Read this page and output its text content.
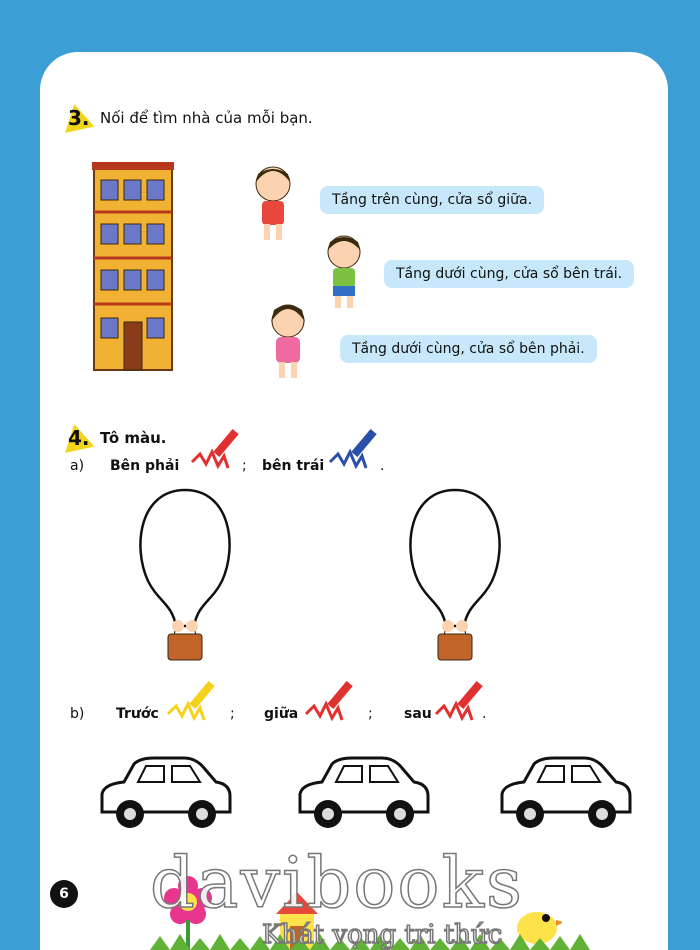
3. Nối để tìm nhà của mỗi bạn.
Tầng trên cùng, cửa sổ giữa.
Tầng dưới cùng, cửa sổ bên trái.
Tầng dưới cùng, cửa sổ bên phải.
4. Tô màu.
a) Bên phải	; bên trái	.
b) Trước	; giữa	; sau	.
davibooks
Khát vọng tri thức
6
